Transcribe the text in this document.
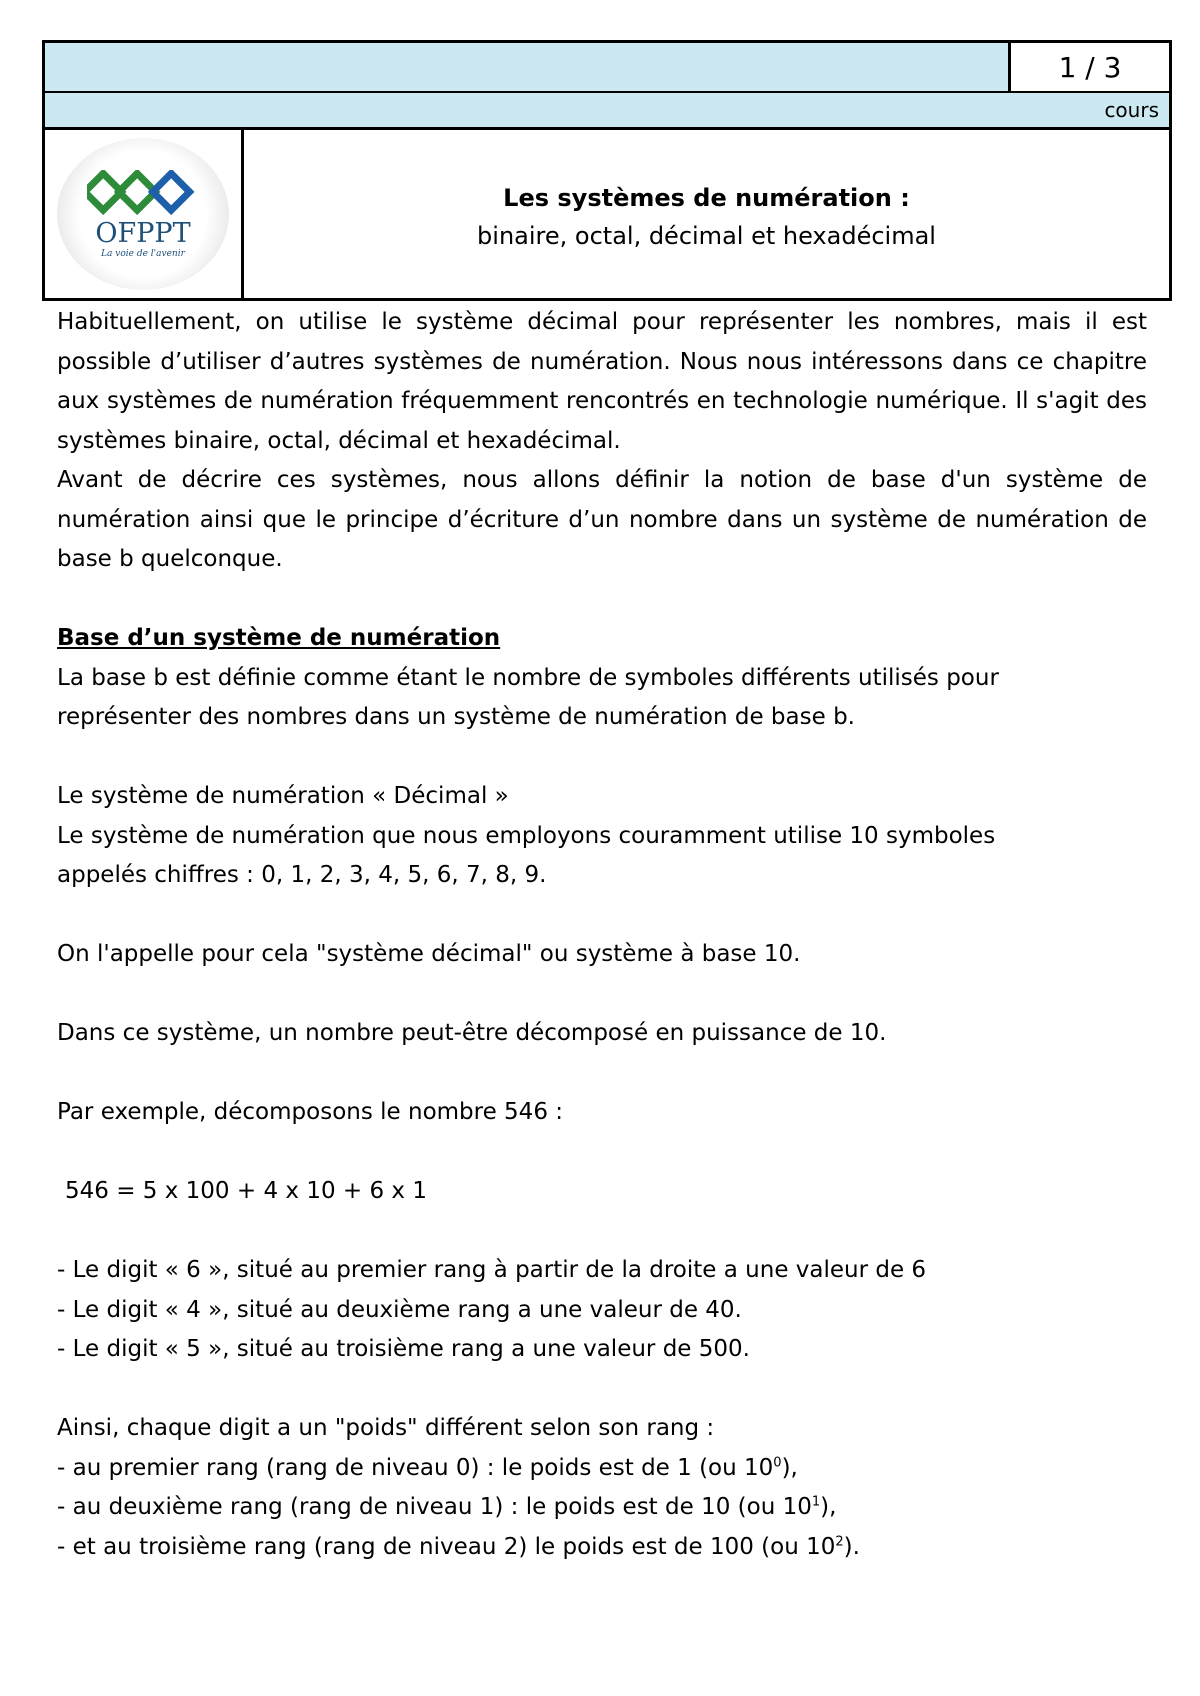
1 / 3
cours
OFPPT
La voie de l'avenir
Les systèmes de numération :
binaire, octal, décimal et hexadécimal

Habituellement, on utilise le système décimal pour représenter les nombres, mais il est possible d’utiliser d’autres systèmes de numération. Nous nous intéressons dans ce chapitre aux systèmes de numération fréquemment rencontrés en technologie numérique. Il s'agit des systèmes binaire, octal, décimal et hexadécimal.

Avant de décrire ces systèmes, nous allons définir la notion de base d'un système de numération ainsi que le principe d’écriture d’un nombre dans un système de numération de base b quelconque.

Base d’un système de numération

La base b est définie comme étant le nombre de symboles différents utilisés pour

représenter des nombres dans un système de numération de base b.

Le système de numération « Décimal »

Le système de numération que nous employons couramment utilise 10 symboles

appelés chiffres : 0, 1, 2, 3, 4, 5, 6, 7, 8, 9.

On l'appelle pour cela "système décimal" ou système à base 10.

Dans ce système, un nombre peut-être décomposé en puissance de 10.

Par exemple, décomposons le nombre 546 :

546 = 5 x 100 + 4 x 10 + 6 x 1

- Le digit « 6 », situé au premier rang à partir de la droite a une valeur de 6

- Le digit « 4 », situé au deuxième rang a une valeur de 40.

- Le digit « 5 », situé au troisième rang a une valeur de 500.

Ainsi, chaque digit a un "poids" différent selon son rang :

- au premier rang (rang de niveau 0) : le poids est de 1 (ou $10^0$),

- au deuxième rang (rang de niveau 1) : le poids est de 10 (ou $10^1$),

- et au troisième rang (rang de niveau 2) le poids est de 100 (ou $10^2$).
